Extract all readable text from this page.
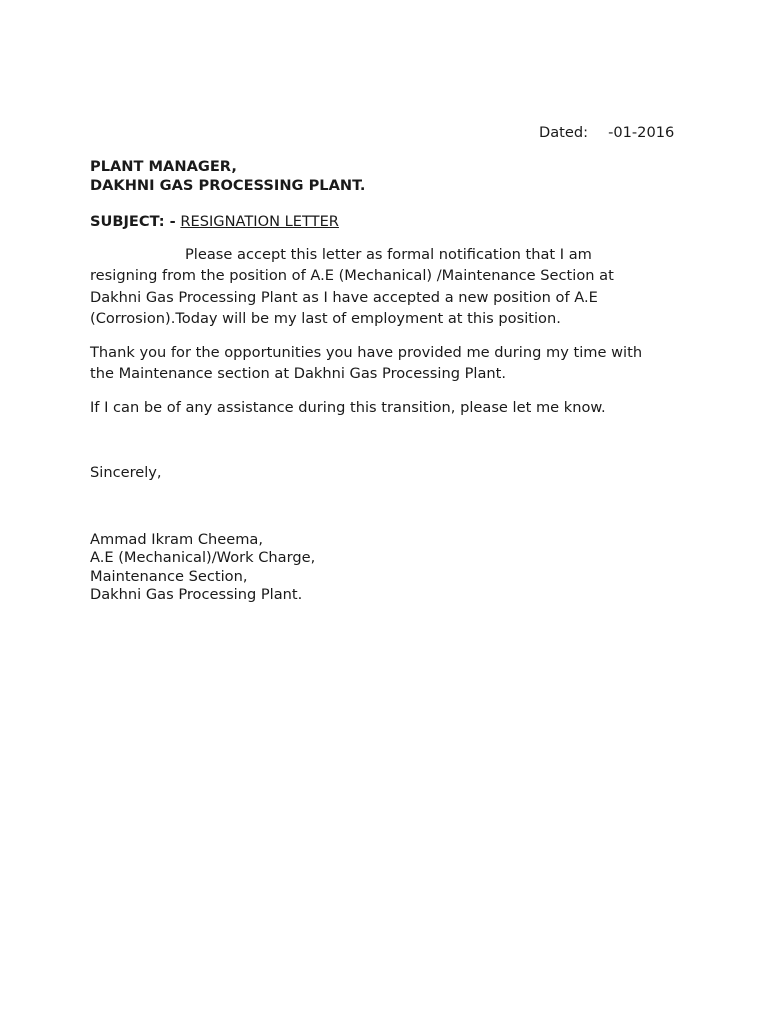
Dated: -01-2016
PLANT MANAGER,
DAKHNI GAS PROCESSING PLANT.
SUBJECT: - RESIGNATION LETTER
Please accept this letter as formal notification that I am
resigning from the position of A.E (Mechanical) /Maintenance Section at
Dakhni Gas Processing Plant as I have accepted a new position of A.E
(Corrosion).Today will be my last of employment at this position.
Thank you for the opportunities you have provided me during my time with
the Maintenance section at Dakhni Gas Processing Plant.
If I can be of any assistance during this transition, please let me know.
Sincerely,
Ammad Ikram Cheema,
A.E (Mechanical)/Work Charge,
Maintenance Section,
Dakhni Gas Processing Plant.
